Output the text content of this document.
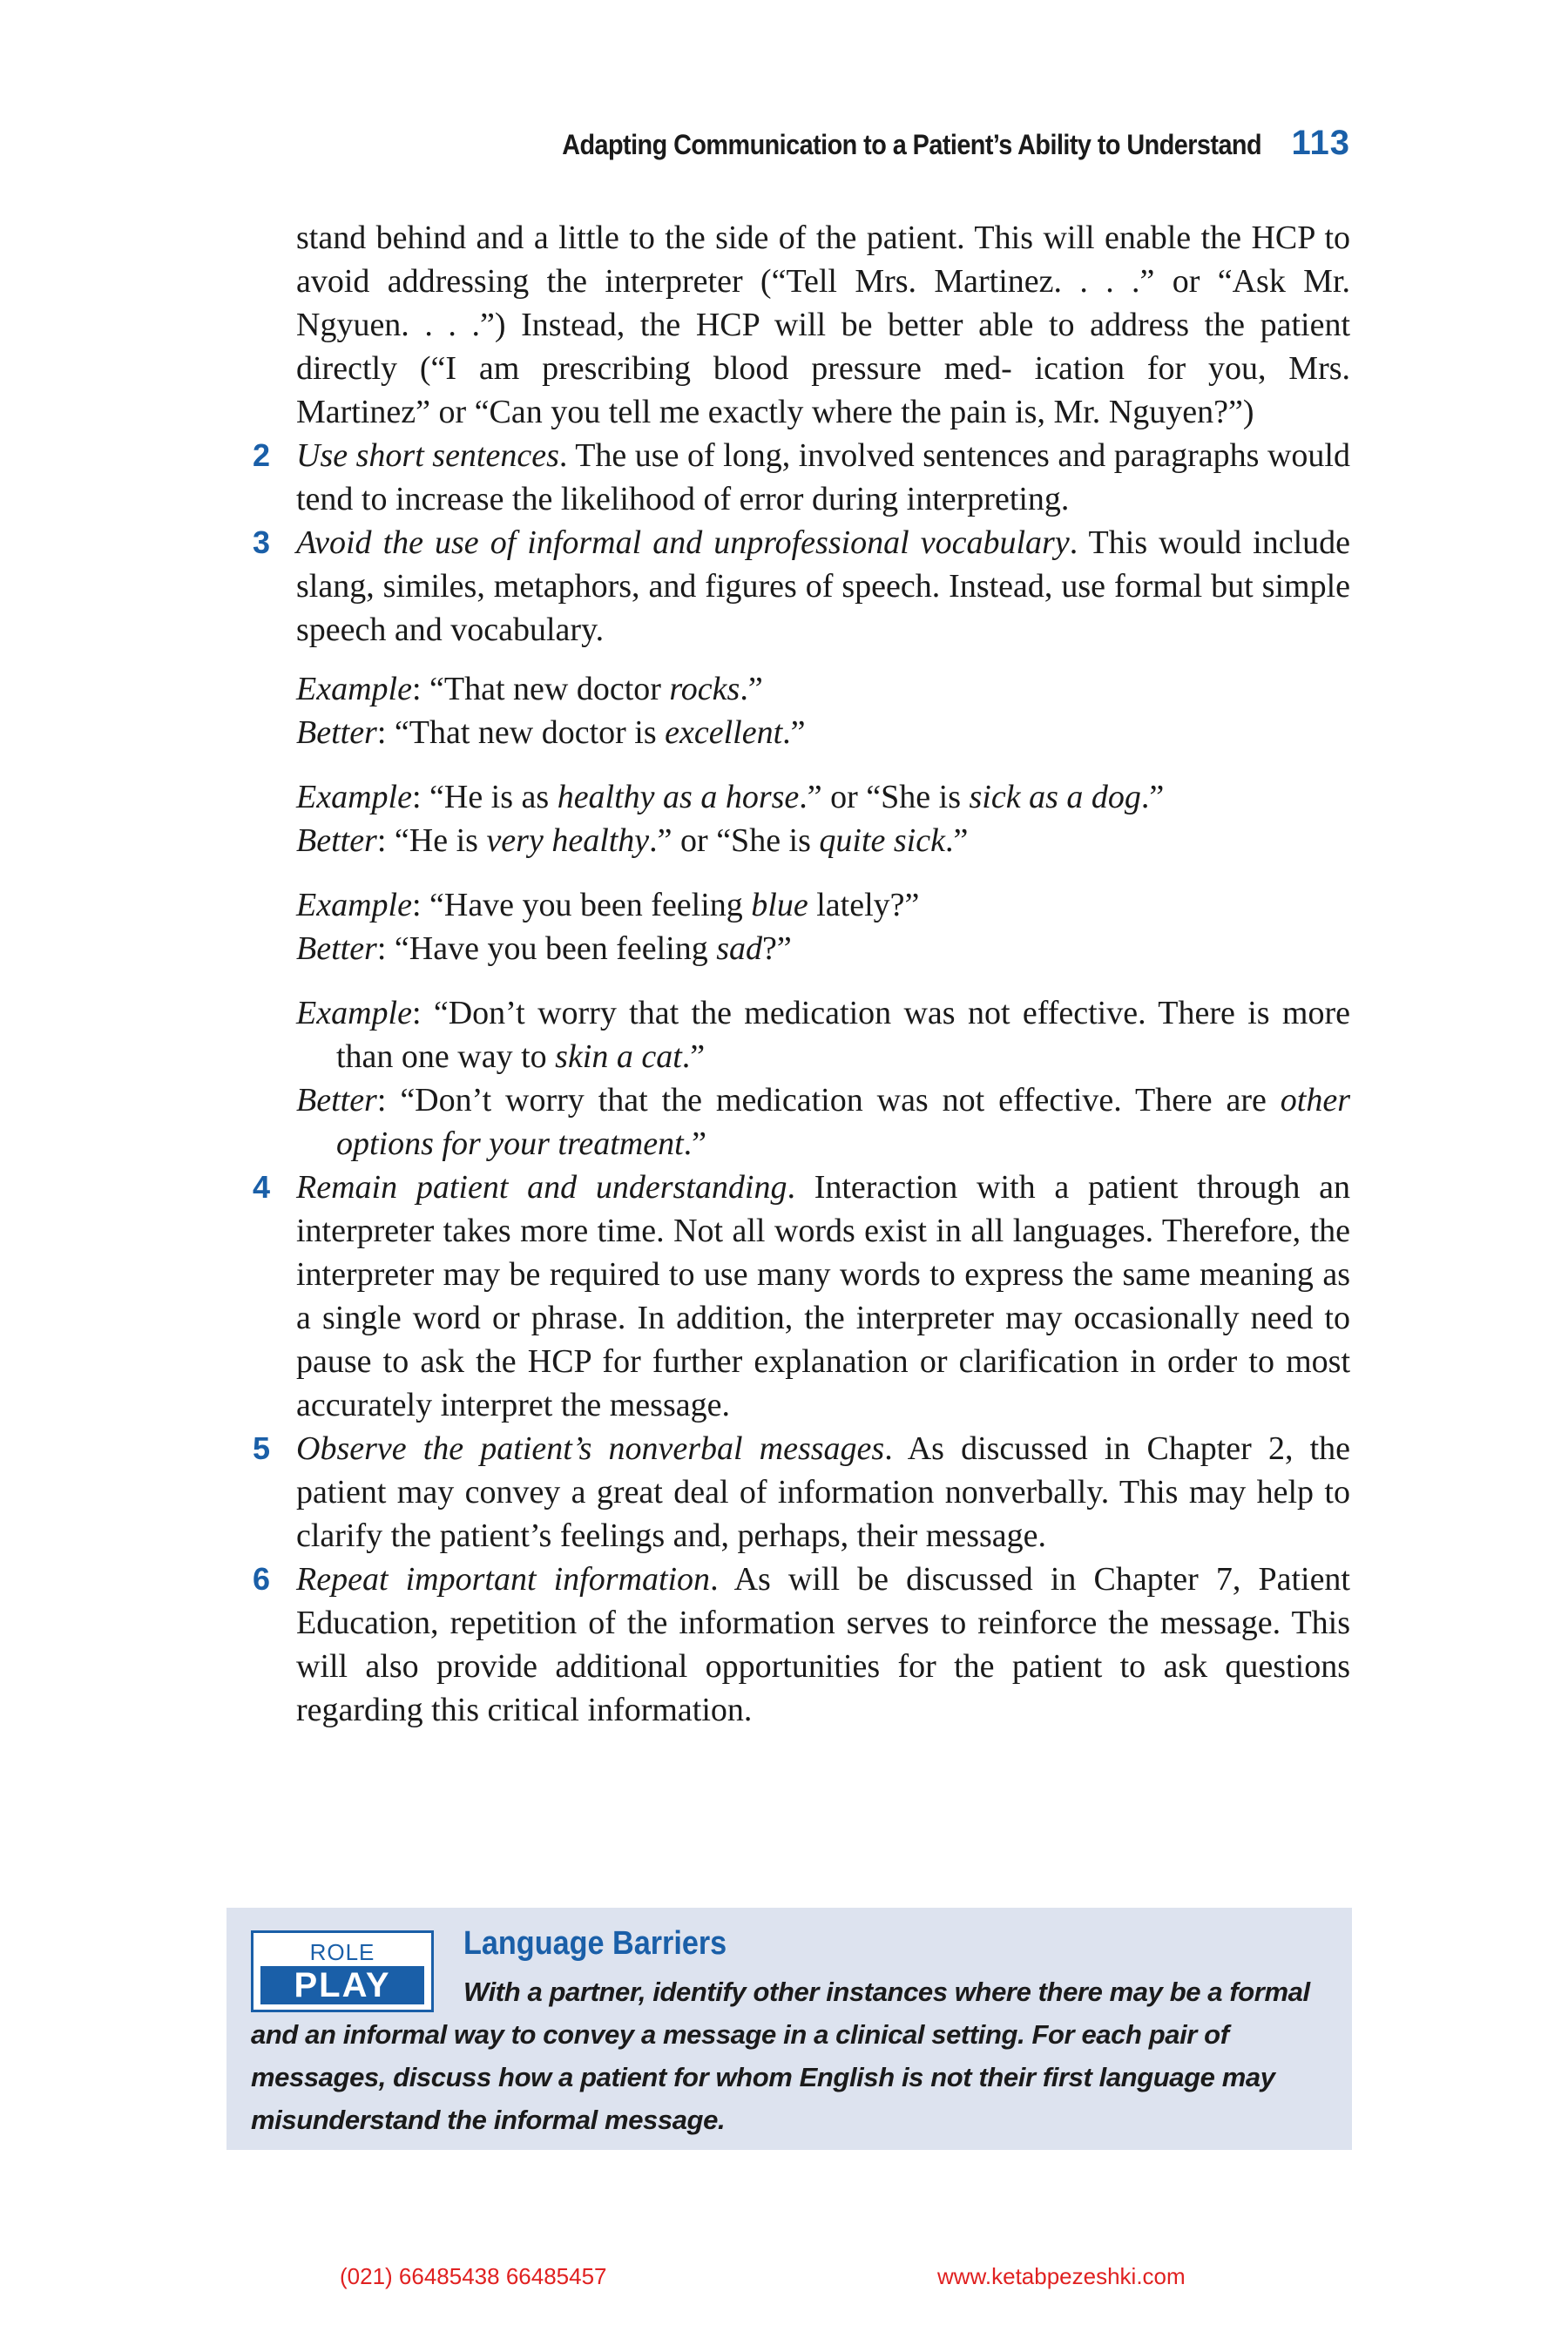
Adapting Communication to a Patient’s Ability to Understand 113
stand behind and a little to the side of the patient. This will enable the HCP to avoid addressing the interpreter (“Tell Mrs. Martinez. . . .” or “Ask Mr. Ngyuen. . . .”) Instead, the HCP will be better able to address the patient directly (“I am prescribing blood pressure med- ication for you, Mrs. Martinez” or “Can you tell me exactly where the pain is, Mr. Nguyen?”)
2 Use short sentences. The use of long, involved sentences and paragraphs would tend to increase the likelihood of error during interpreting.
3 Avoid the use of informal and unprofessional vocabulary. This would include slang, similes, metaphors, and figures of speech. Instead, use formal but simple speech and vocabulary.
Example: “That new doctor rocks.”
Better: “That new doctor is excellent.”
Example: “He is as healthy as a horse.” or “She is sick as a dog.”
Better: “He is very healthy.” or “She is quite sick.”
Example: “Have you been feeling blue lately?”
Better: “Have you been feeling sad?”
Example: “Don’t worry that the medication was not effective. There is more than one way to skin a cat.”
Better: “Don’t worry that the medication was not effective. There are other options for your treatment.”
4 Remain patient and understanding. Interaction with a patient through an interpreter takes more time. Not all words exist in all languages. Therefore, the interpreter may be required to use many words to express the same meaning as a single word or phrase. In addition, the interpreter may occasionally need to pause to ask the HCP for further explanation or clarification in order to most accurately interpret the message.
5 Observe the patient’s nonverbal messages. As discussed in Chapter 2, the patient may convey a great deal of information nonverbally. This may help to clarify the patient’s feelings and, perhaps, their message.
6 Repeat important information. As will be discussed in Chapter 7, Patient Education, repetition of the information serves to reinforce the message. This will also provide additional opportunities for the patient to ask questions regarding this critical information.
ROLE
PLAY
Language Barriers
With a partner, identify other instances where there may be a formal and an informal way to convey a message in a clinical setting. For each pair of messages, discuss how a patient for whom English is not their first language may misunderstand the informal message.
(021) 66485438 66485457	www.ketabpezeshki.com
